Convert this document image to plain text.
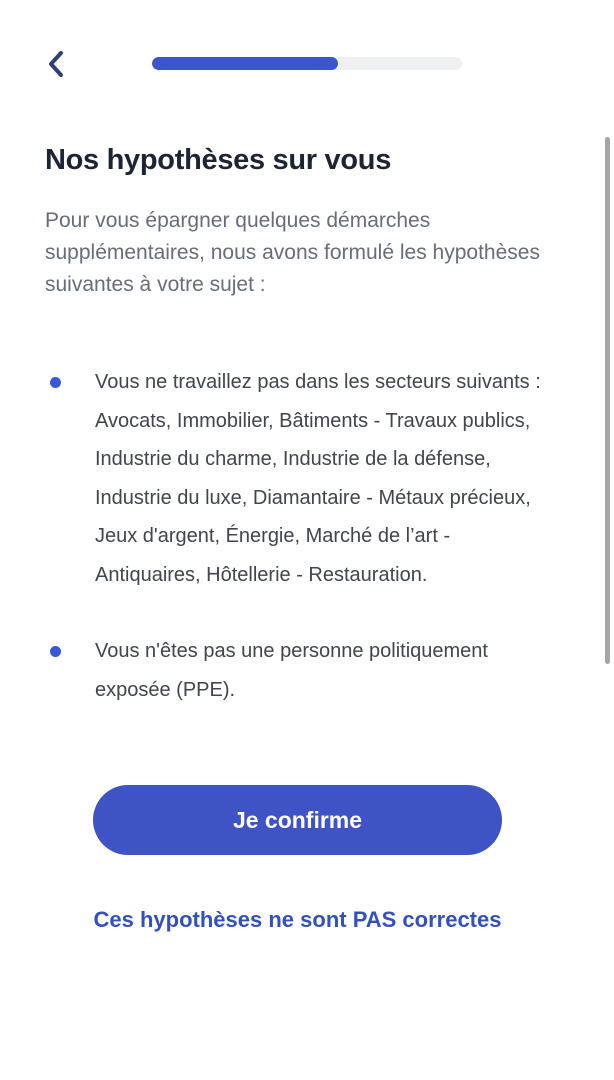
Nos hypothèses sur vous

Pour vous épargner quelques démarches supplémentaires, nous avons formulé les hypothèses suivantes à votre sujet :

Vous ne travaillez pas dans les secteurs suivants : Avocats, Immobilier, Bâtiments - Travaux publics, Industrie du charme, Industrie de la défense, Industrie du luxe, Diamantaire - Métaux précieux, Jeux d'argent, Énergie, Marché de l’art - Antiquaires, Hôtellerie - Restauration.
Vous n'êtes pas une personne politiquement exposée (PPE).
Je confirme
Ces hypothèses ne sont PAS correctes
